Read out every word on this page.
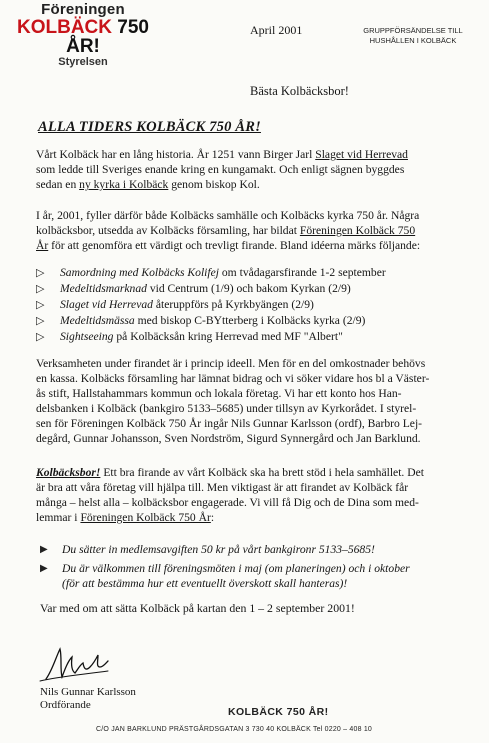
Föreningen
KOLBÄCK 750 ÅR!
Styrelsen
April 2001	GRUPPFÖRSÄNDELSE TILL
HUSHÅLLEN I KOLBÄCK
Bästa Kolbäcksbor!
ALLA TIDERS KOLBÄCK 750 ÅR!
Vårt Kolbäck har en lång historia. År 1251 vann Birger Jarl Slaget vid Herrevad
som ledde till Sveriges enande kring en kungamakt. Och enligt sägnen byggdes
sedan en ny kyrka i Kolbäck genom biskop Kol.
I år, 2001, fyller därför både Kolbäcks samhälle och Kolbäcks kyrka 750 år. Några
kolbäcksbor, utsedda av Kolbäcks församling, har bildat Föreningen Kolbäck 750
År för att genomföra ett värdigt och trevligt firande. Bland idéerna märks följande:
▷ Samordning med Kolbäcks Kolifej om tvådagarsfirande 1-2 september
▷ Medeltidsmarknad vid Centrum (1/9) och bakom Kyrkan (2/9)
▷ Slaget vid Herrevad återuppförs på Kyrkbyängen (2/9)
▷ Medeltidsmässa med biskop C-BYtterberg i Kolbäcks kyrka (2/9)
▷ Sightseeing på Kolbäcksån kring Herrevad med MF "Albert"
Verksamheten under firandet är i princip ideell. Men för en del omkostnader behövs
en kassa. Kolbäcks församling har lämnat bidrag och vi söker vidare hos bl a Väster-
ås stift, Hallstahammars kommun och lokala företag. Vi har ett konto hos Han-
delsbanken i Kolbäck (bankgiro 5133–5685) under tillsyn av Kyrkorådet. I styrel-
sen för Föreningen Kolbäck 750 År ingår Nils Gunnar Karlsson (ordf), Barbro Lej-
degård, Gunnar Johansson, Sven Nordström, Sigurd Synnergård och Jan Barklund.
Kolbäcksbor! Ett bra firande av vårt Kolbäck ska ha brett stöd i hela samhället. Det
är bra att våra företag vill hjälpa till. Men viktigast är att firandet av Kolbäck får
många – helst alla – kolbäcksbor engagerade. Vi vill få Dig och de Dina som med-
lemmar i Föreningen Kolbäck 750 År:
▶ Du sätter in medlemsavgiften 50 kr på vårt bankgironr 5133–5685!
▶ Du är välkommen till föreningsmöten i maj (om planeringen) och i oktober
(för att bestämma hur ett eventuellt överskott skall hanteras)!
Var med om att sätta Kolbäck på kartan den 1 – 2 september 2001!
Nils Gunnar Karlsson
Ordförande
KOLBÄCK 750 ÅR!
C/O JAN BARKLUND PRÄSTGÅRDSGATAN 3 730 40 KOLBÄCK Tel 0220 – 408 10
